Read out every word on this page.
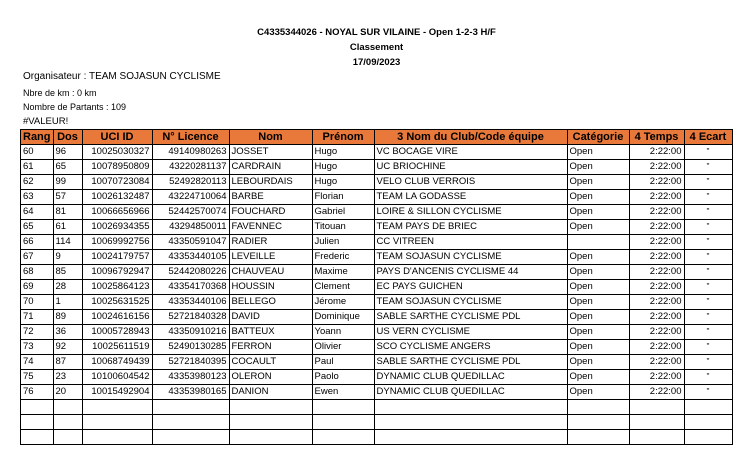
C4335344026 - NOYAL SUR VILAINE - Open 1-2-3 H/F
Classement
17/09/2023
Organisateur : TEAM SOJASUN CYCLISME
Nbre de km : 0 km
Nombre de Partants : 109
#VALEUR!
Rang	Dos	UCI ID	N° Licence	Nom	Prénom	3 Nom du Club/Code équipe	Catégorie	4 Temps	4 Ecart
60	96	10025030327	49140980263	JOSSET	Hugo	VC BOCAGE VIRE	Open	2:22:00	''
61	65	10078950809	43220281137	CARDRAIN	Hugo	UC BRIOCHINE	Open	2:22:00	''
62	99	10070723084	52492820113	LEBOURDAIS	Hugo	VELO CLUB VERROIS	Open	2:22:00	''
63	57	10026132487	43224710064	BARBE	Florian	TEAM LA GODASSE	Open	2:22:00	''
64	81	10066656966	52442570074	FOUCHARD	Gabriel	LOIRE & SILLON CYCLISME	Open	2:22:00	''
65	61	10026934355	43294850011	FAVENNEC	Titouan	TEAM PAYS DE BRIEC	Open	2:22:00	''
66	114	10069992756	43350591047	RADIER	Julien	CC VITREEN		2:22:00	''
67	9	10024179757	43353440105	LEVEILLE	Frederic	TEAM SOJASUN CYCLISME	Open	2:22:00	''
68	85	10096792947	52442080226	CHAUVEAU	Maxime	PAYS D'ANCENIS CYCLISME 44	Open	2:22:00	''
69	28	10025864123	43354170368	HOUSSIN	Clement	EC PAYS GUICHEN	Open	2:22:00	''
70	1	10025631525	43353440106	BELLEGO	Jérome	TEAM SOJASUN CYCLISME	Open	2:22:00	''
71	89	10024616156	52721840328	DAVID	Dominique	SABLE SARTHE CYCLISME PDL	Open	2:22:00	''
72	36	10005728943	43350910216	BATTEUX	Yoann	US VERN CYCLISME	Open	2:22:00	''
73	92	10025611519	52490130285	FERRON	Olivier	SCO CYCLISME ANGERS	Open	2:22:00	''
74	87	10068749439	52721840395	COCAULT	Paul	SABLE SARTHE CYCLISME PDL	Open	2:22:00	''
75	23	10100604542	43353980123	OLERON	Paolo	DYNAMIC CLUB QUEDILLAC	Open	2:22:00	''
76	20	10015492904	43353980165	DANION	Ewen	DYNAMIC CLUB QUEDILLAC	Open	2:22:00	''
